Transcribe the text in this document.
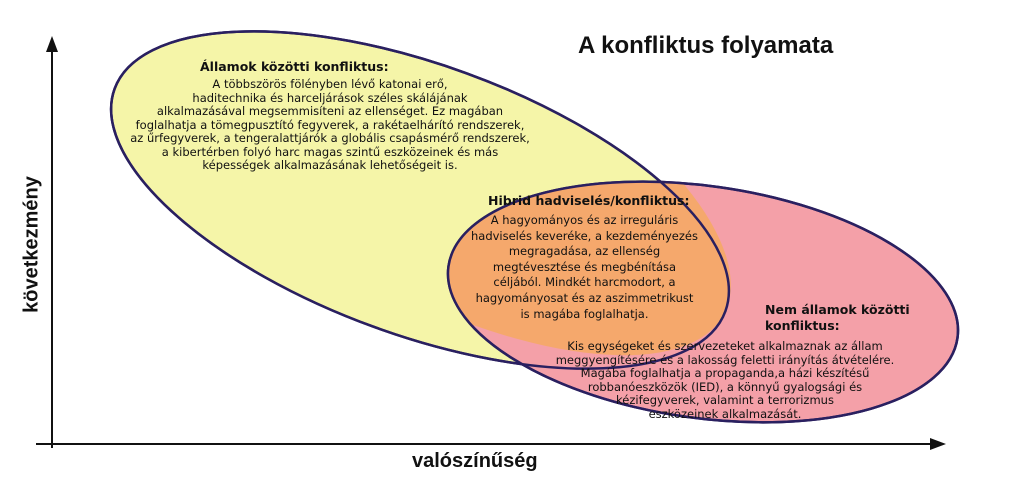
A konfliktus folyamata
Államok közötti konfliktus:
A többszörös fölényben lévő katonai erő,
haditechnika és harceljárások széles skálájának
alkalmazásával megsemmisíteni az ellenséget. Ez magában
foglalhatja a tömegpusztító fegyverek, a rakétaelhárító rendszerek,
az űrfegyverek, a tengeralattjárók a globális csapásmérő rendszerek,
a kibertérben folyó harc magas szintű eszközeinek és más
képességek alkalmazásának lehetőségeit is.
Hibrid hadviselés/konfliktus:
A hagyományos és az irreguláris
hadviselés keveréke, a kezdeményezés
megragadása, az ellenség
megtévesztése és megbénítása
céljából. Mindkét harcmodort, a
hagyományosat és az aszimmetrikust
is magába foglalhatja.	Nem államok közötti
konfliktus:
Kis egységeket és szervezeteket alkalmaznak az állam
meggyengítésére és a lakosság feletti irányítás átvételére.
Magába foglalhatja a propaganda,a házi készítésű
robbanóeszközök (IED), a könnyű gyalogsági és
kézifegyverek, valamint a terrorizmus
eszközeinek alkalmazását.
következmény
valószínűség
